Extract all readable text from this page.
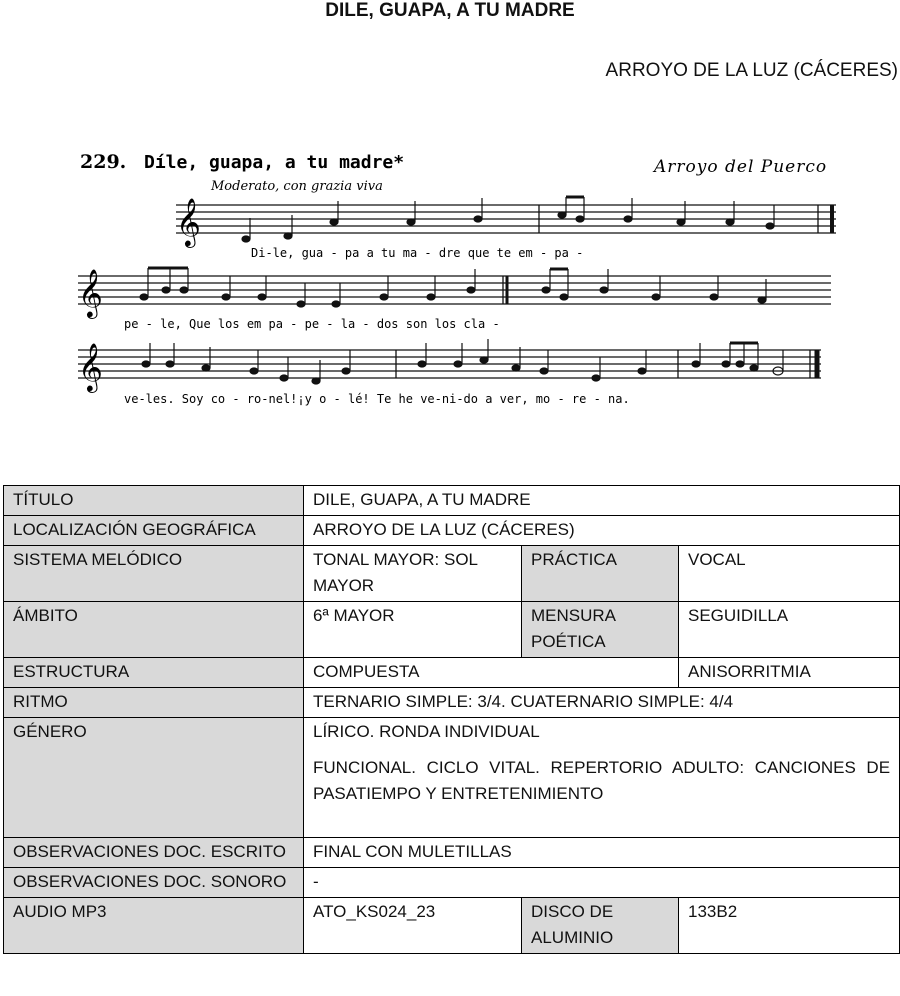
DILE, GUAPA, A TU MADRE
ARROYO DE LA LUZ (CÁCERES)
229. Díle, guapa, a tu madre*	Arroyo del Puerco
Moderato, con grazia viva
𝄞
Di-le, gua - pa a tu ma - dre que te em - pa -
𝄞
pe - le, Que los em pa - pe - la - dos son los cla -
𝄞
ve-les. Soy co - ro-nel!¡y o - lé! Te he ve-ni-do a ver, mo - re - na.
TÍTULO	DILE, GUAPA, A TU MADRE		
LOCALIZACIÓN GEOGRÁFICA	ARROYO DE LA LUZ (CÁCERES)		
SISTEMA MELÓDICO	TONAL MAYOR: SOL MAYOR	PRÁCTICA	VOCAL
ÁMBITO	6ª MAYOR	MENSURA POÉTICA	SEGUIDILLA
ESTRUCTURA	COMPUESTA		ANISORRITMIA
RITMO	TERNARIO SIMPLE: 3/4. CUATERNARIO SIMPLE: 4/4		
GÉNERO	LÍRICO. RONDA INDIVIDUAL
FUNCIONAL. CICLO VITAL. REPERTORIO ADULTO: CANCIONES DE PASATIEMPO Y ENTRETENIMIENTO		

OBSERVACIONES DOC. ESCRITO	FINAL CON MULETILLAS		
OBSERVACIONES DOC. SONORO	-		
AUDIO MP3	ATO_KS024_23	DISCO DE ALUMINIO	133B2
